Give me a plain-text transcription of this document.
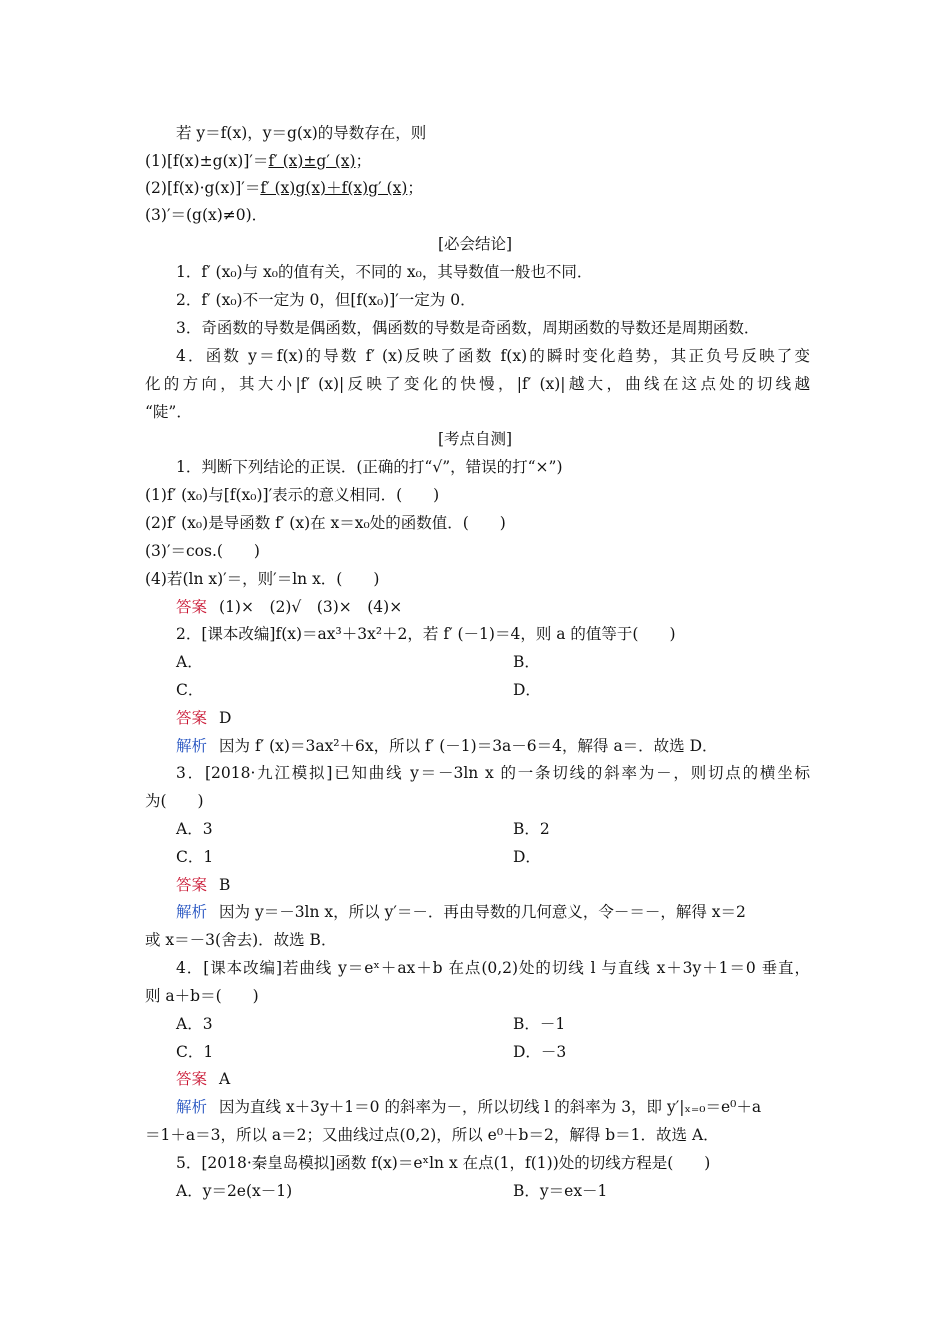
若 y＝f(x)，y＝g(x)的导数存在，则
(1)[f(x)±g(x)]′＝f′ (x)±g′ (x)；
(2)[f(x)·g(x)]′＝f′ (x)g(x)＋f(x)g′ (x)；
(3)′＝(g(x)≠0)．
[必会结论]
1．f′ (x₀)与 x₀的值有关，不同的 x₀，其导数值一般也不同．
2．f′ (x₀)不一定为 0，但[f(x₀)]′一定为 0．
3．奇函数的导数是偶函数，偶函数的导数是奇函数，周期函数的导数还是周期函数．
4．函数 y＝f(x)的导数 f′ (x)反映了函数 f(x)的瞬时变化趋势，其正负号反映了变
化的方向，其大小|f′ (x)|反映了变化的快慢，|f′ (x)|越大，曲线在这点处的切线越
“陡”．
[考点自测]
1．判断下列结论的正误．(正确的打“√”，错误的打“×”)
(1)f′ (x₀)与[f(x₀)]′表示的意义相同．(　　)
(2)f′ (x₀)是导函数 f′ (x)在 x＝x₀处的函数值．(　　)
(3)′＝cos.(　　)
(4)若(ln x)′＝，则′＝ln x．(　　)
答案 (1)×　(2)√　(3)×　(4)×
2．[课本改编]f(x)＝ax³＋3x²＋2，若 f′ (－1)＝4，则 a 的值等于(　　)
A．	B．
C．	D．
答案 D
解析 因为 f′ (x)＝3ax²＋6x，所以 f′ (－1)＝3a－6＝4，解得 a＝．故选 D．
3．[2018·九江模拟]已知曲线 y＝－3ln x 的一条切线的斜率为－，则切点的横坐标
为(　　)
A．3	B．2
C．1	D．
答案 B
解析 因为 y＝－3ln x，所以 y′＝－．再由导数的几何意义，令－＝－，解得 x＝2
或 x＝－3(舍去)．故选 B．
4．[课本改编]若曲线 y＝eˣ＋ax＋b 在点(0,2)处的切线 l 与直线 x＋3y＋1＝0 垂直，
则 a＋b＝(　　)
A．3	B．－1
C．1	D．－3
答案 A
解析 因为直线 x＋3y＋1＝0 的斜率为－，所以切线 l 的斜率为 3，即 y′|ₓ₌₀＝e⁰＋a
＝1＋a＝3，所以 a＝2；又曲线过点(0,2)，所以 e⁰＋b＝2，解得 b＝1．故选 A．
5．[2018·秦皇岛模拟]函数 f(x)＝eˣln x 在点(1，f(1))处的切线方程是(　　)
A．y＝2e(x－1)	B．y＝ex－1
